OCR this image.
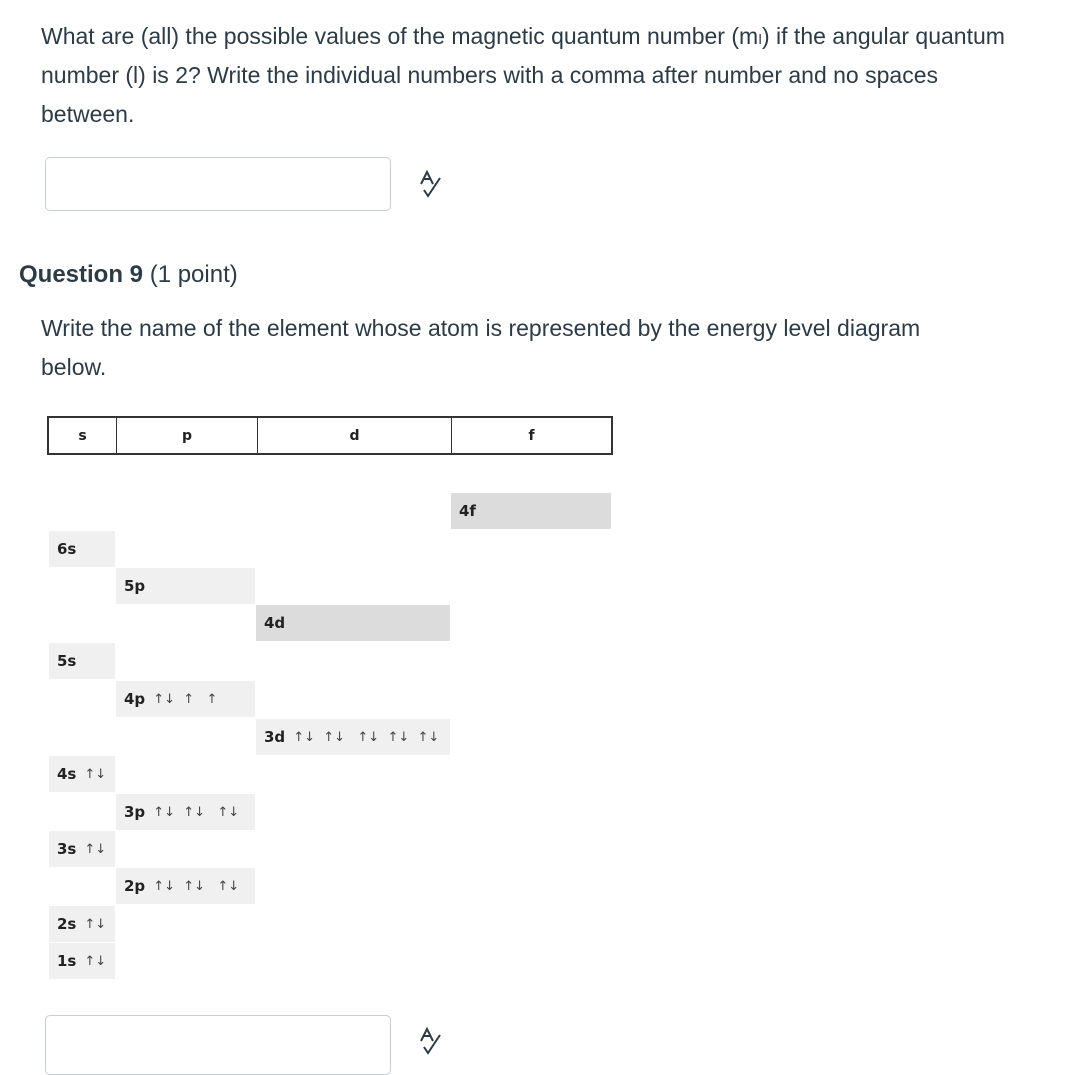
What are (all) the possible values of the magnetic quantum number (mₗ) if the angular quantum number (l) is 2? Write the individual numbers with a comma after number and no spaces between.
Question 9 (1 point)
Write the name of the element whose atom is represented by the energy level diagram below.
s	p	d	f
4f
6s
5p
4d
5s
4p ↑↓  ↑   ↑
3d ↑↓  ↑↓   ↑↓  ↑↓  ↑↓
4s ↑↓
3p ↑↓  ↑↓   ↑↓
3s ↑↓
2p ↑↓  ↑↓   ↑↓
2s ↑↓
1s ↑↓
